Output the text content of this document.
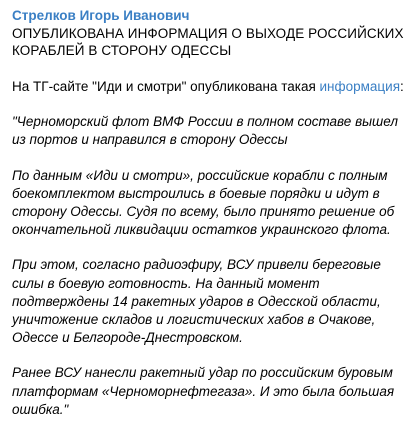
Стрелков Игорь Иванович
ОПУБЛИКОВАНА ИНФОРМАЦИЯ О ВЫХОДЕ РОССИЙСКИХ КОРАБЛЕЙ В СТОРОНУ ОДЕССЫ

На ТГ-сайте "Иди и смотри" опубликована такая информация:

"Черноморский флот ВМФ России в полном составе вышел из портов и направился в сторону Одессы

По данным «Иди и смотри», российские корабли с полным боекомплектом выстроились в боевые порядки и идут в сторону Одессы. Судя по всему, было принято решение об окончательной ликвидации остатков украинского флота.

При этом, согласно радиоэфиру, ВСУ привели береговые силы в боевую готовность. На данный момент подтверждены 14 ракетных ударов в Одесской области, уничтожение складов и логистических хабов в Очакове, Одессе и Белгороде-Днестровском.

Ранее ВСУ нанесли ракетный удар по российским буровым платформам «Черноморнефтегаза». И это была большая ошибка."
